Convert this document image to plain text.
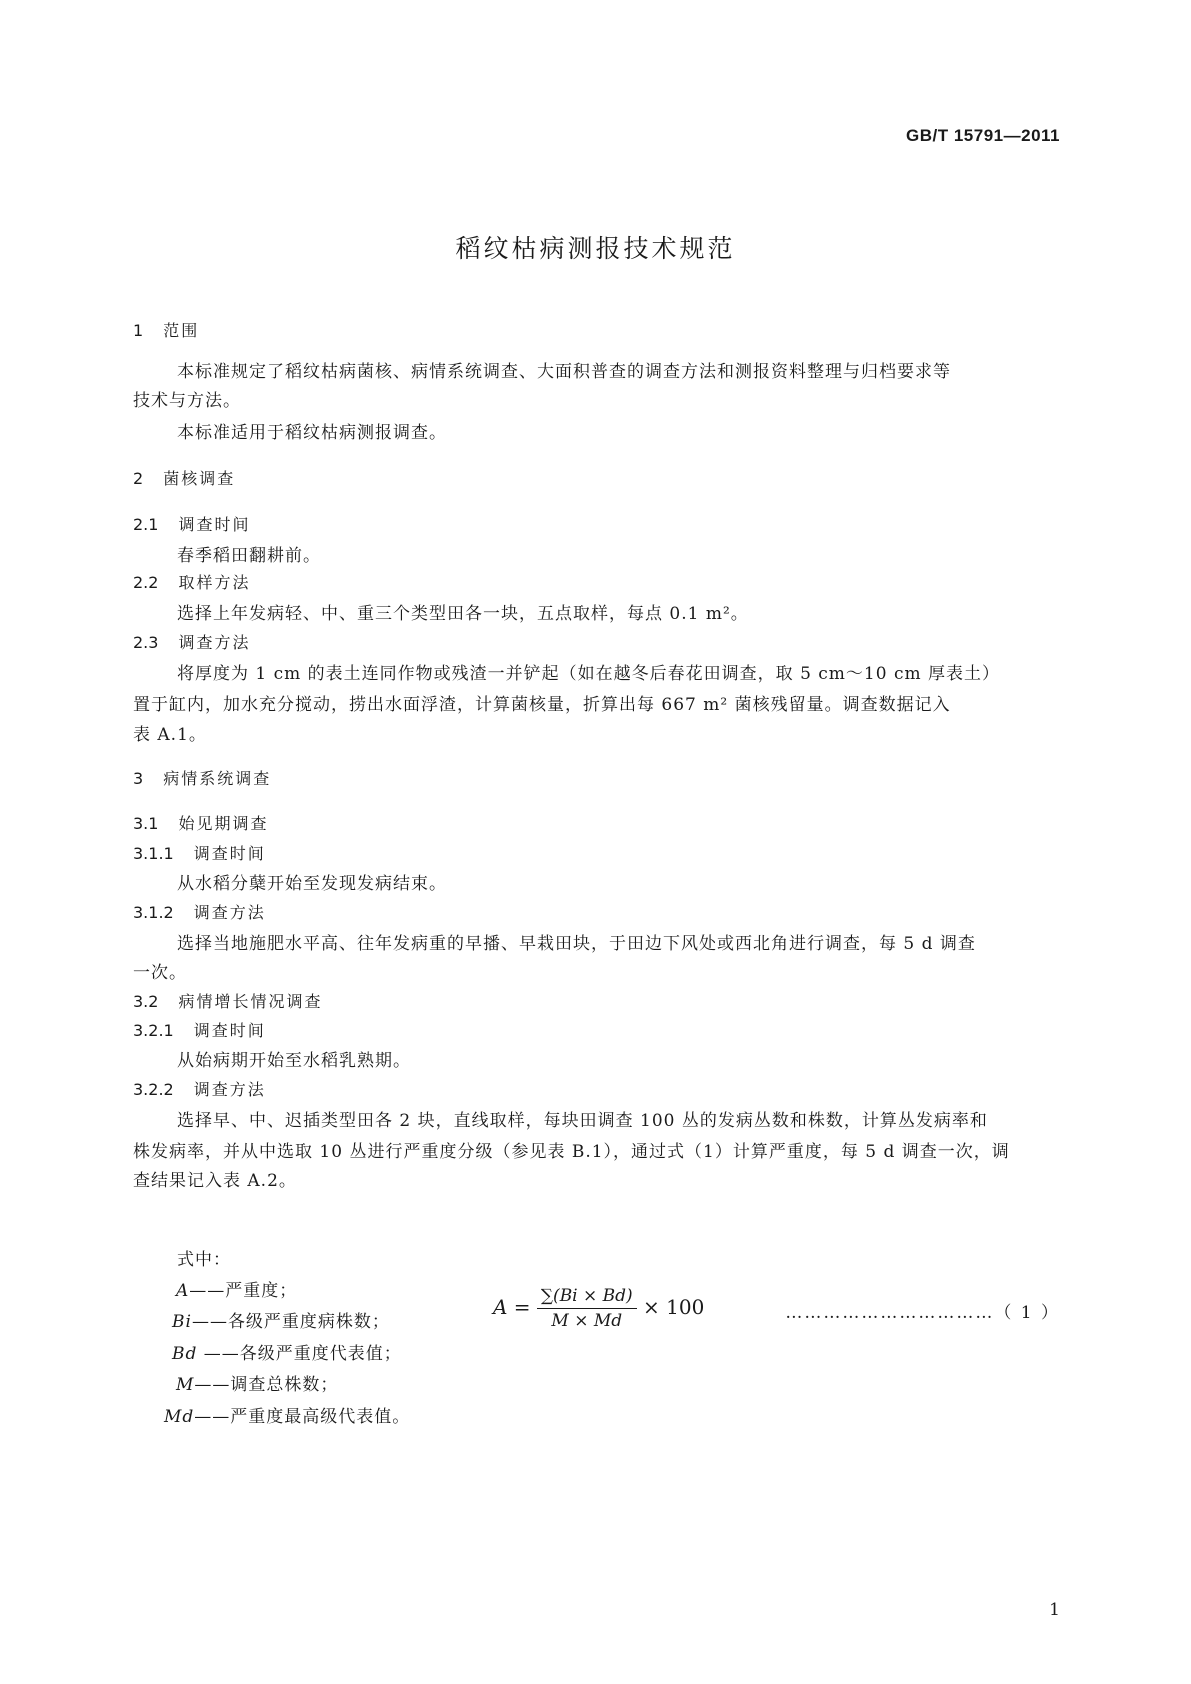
GB/T 15791—2011
稻纹枯病测报技术规范
1 范围
本标准规定了稻纹枯病菌核、病情系统调查、大面积普查的调查方法和测报资料整理与归档要求等
技术与方法。
本标准适用于稻纹枯病测报调查。
2 菌核调查
2.1 调查时间
春季稻田翻耕前。
2.2 取样方法
选择上年发病轻、中、重三个类型田各一块，五点取样，每点 0.1 m²。
2.3 调查方法
将厚度为 1 cm 的表土连同作物或残渣一并铲起（如在越冬后春花田调查，取 5 cm～10 cm 厚表土）
置于缸内，加水充分搅动，捞出水面浮渣，计算菌核量，折算出每 667 m² 菌核残留量。调查数据记入
表 A.1。
3 病情系统调查
3.1 始见期调查
3.1.1 调查时间
从水稻分蘖开始至发现发病结束。
3.1.2 调查方法
选择当地施肥水平高、往年发病重的早播、早栽田块，于田边下风处或西北角进行调查，每 5 d 调查
一次。
3.2 病情增长情况调查
3.2.1 调查时间
从始病期开始至水稻乳熟期。
3.2.2 调查方法
选择早、中、迟插类型田各 2 块，直线取样，每块田调查 100 丛的发病丛数和株数，计算丛发病率和
株发病率，并从中选取 10 丛进行严重度分级（参见表 B.1），通过式（1）计算严重度，每 5 d 调查一次，调
查结果记入表 A.2。
$A = \frac{\sum(Bi \times Bd)}{M \times Md} \times 100$	……………………………（ 1 ）
式中：
A——严重度；
Bi——各级严重度病株数；
Bd ——各级严重度代表值；
M——调查总株数；
Md——严重度最高级代表值。
1
